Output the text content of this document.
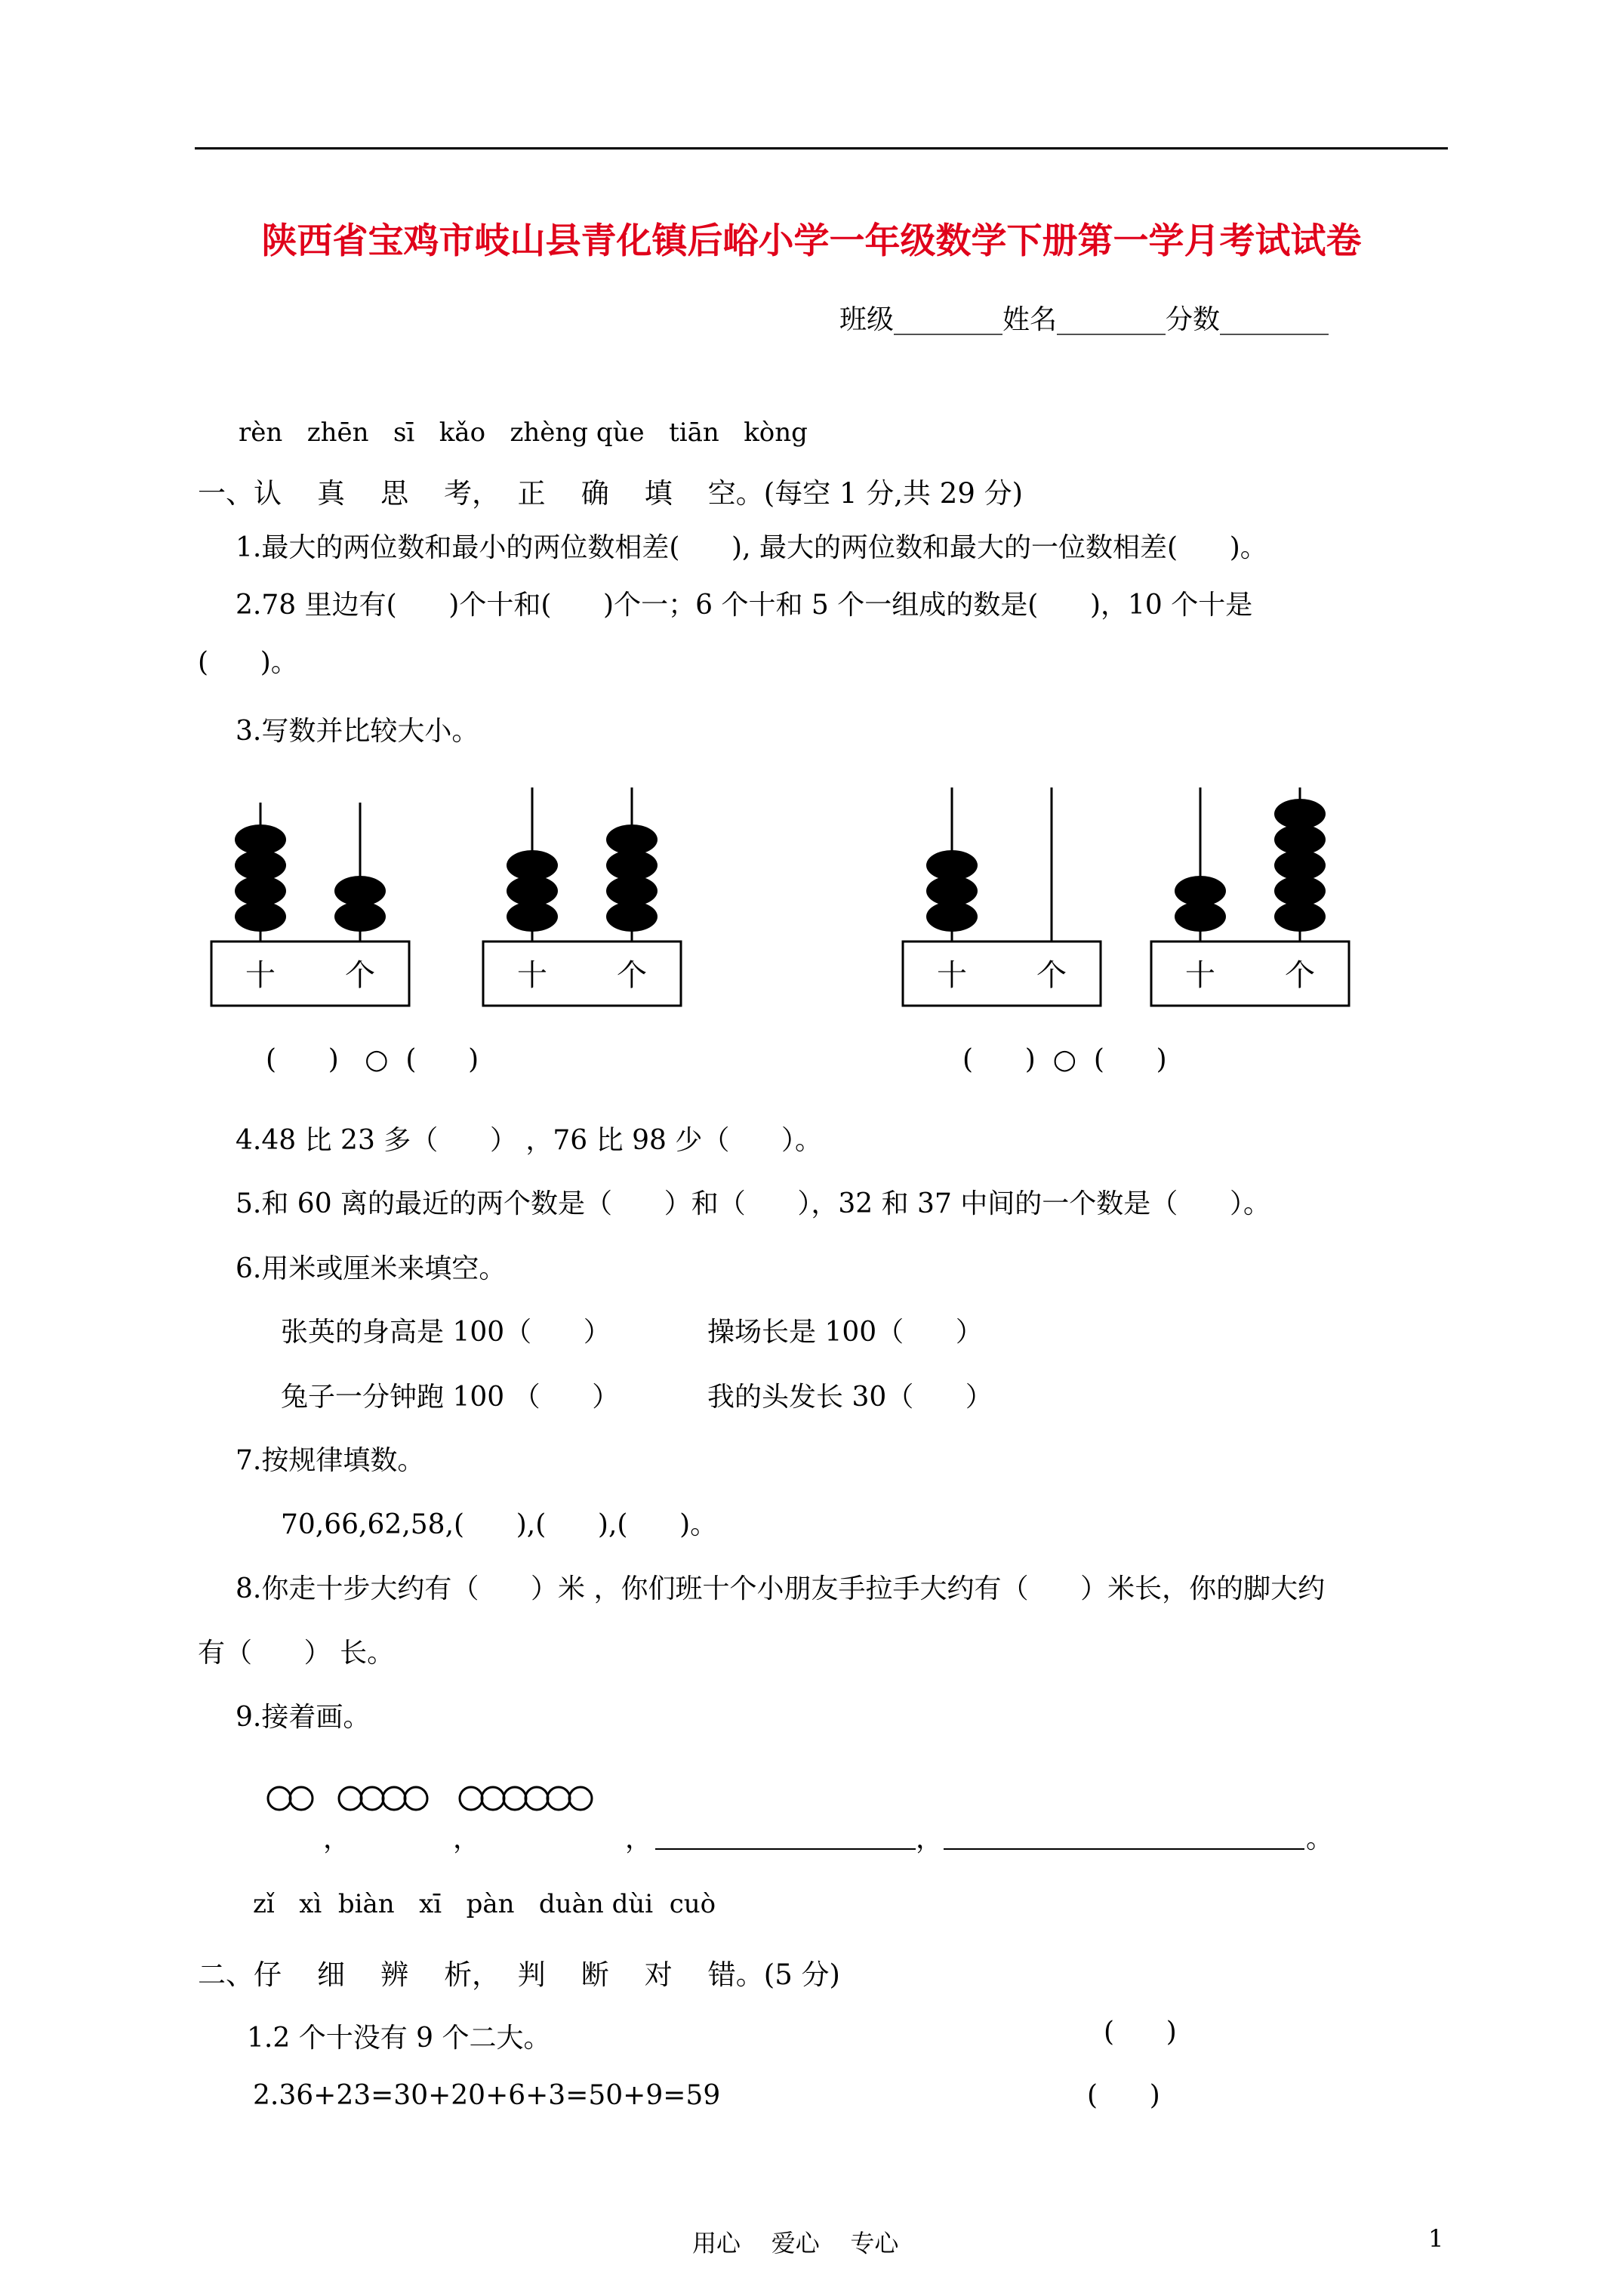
陕西省宝鸡市岐山县青化镇后峪小学一年级数学下册第一学月考试试卷
班级________姓名________分数________
rèn   zhēn   sī   kǎo   zhèng qùe   tiān   kòng
一、认    真    思    考，  正    确    填    空。(每空 1 分,共 29 分)
1.最大的两位数和最小的两位数相差(      ), 最大的两位数和最大的一位数相差(      )。
2.78 里边有(      )个十和(      )个一；6 个十和 5 个一组成的数是(      )，10 个十是
(      )。
3.写数并比较大小。
十 个	十 个	十 个	十 个
(      )   ○  (      )	(      )  ○  (      )
4.48 比 23 多（      ） ，76 比 98 少（      ）。
5.和 60 离的最近的两个数是（      ）和（      ），32 和 37 中间的一个数是（      ）。
6.用米或厘米来填空。
张英的身高是 100（      ）	操场长是 100（      ）
兔子一分钟跑 100 （      ）	我的头发长 30（      ）
7.按规律填数。
70,66,62,58,(      ),(      ),(      )。
8.你走十步大约有（      ）米 ，你们班十个小朋友手拉手大约有（      ）米长，你的脚大约
有（      ） 长。
9.接着画。
，	，	，	，	。
zǐ   xì  biàn   xī   pàn   duàn dùi  cuò
二、仔    细    辨    析，  判    断    对    错。(5 分)
1.2 个十没有 9 个二大。	(      )
2.36+23=30+20+6+3=50+9=59	(      )
用心    爱心    专心	1
